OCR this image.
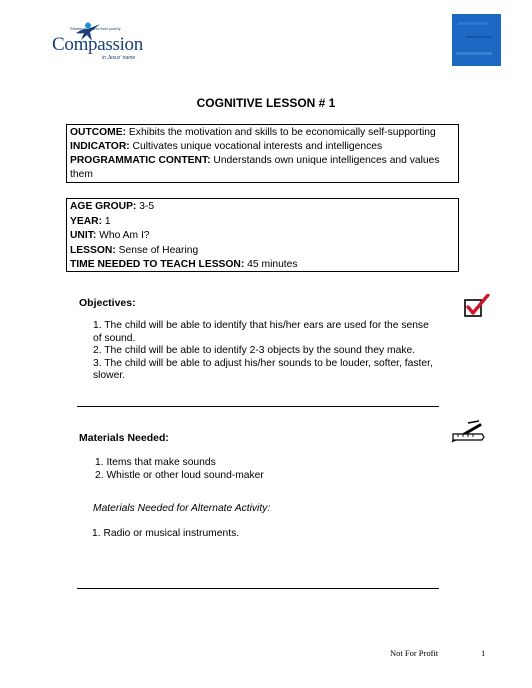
Releasing children from poverty
Compassion
in Jesus' name
COGNITIVE LESSON # 1
OUTCOME: Exhibits the motivation and skills to be economically self-supporting
INDICATOR: Cultivates unique vocational interests and intelligences
PROGRAMMATIC CONTENT: Understands own unique intelligences and values them
AGE GROUP: 3-5
YEAR: 1
UNIT: Who Am I?
LESSON: Sense of Hearing
TIME NEEDED TO TEACH LESSON: 45 minutes
Objectives:

1. The child will be able to identify that his/her ears are used for the sense of sound.

2. The child will be able to identify 2-3 objects by the sound they make.

3. The child will be able to adjust his/her sounds to be louder, softer, faster, slower.

Materials Needed:

1. Items that make sounds

2. Whistle or other loud sound-maker

Materials Needed for Alternate Activity:

1. Radio or musical instruments.

Not For Profit	1
